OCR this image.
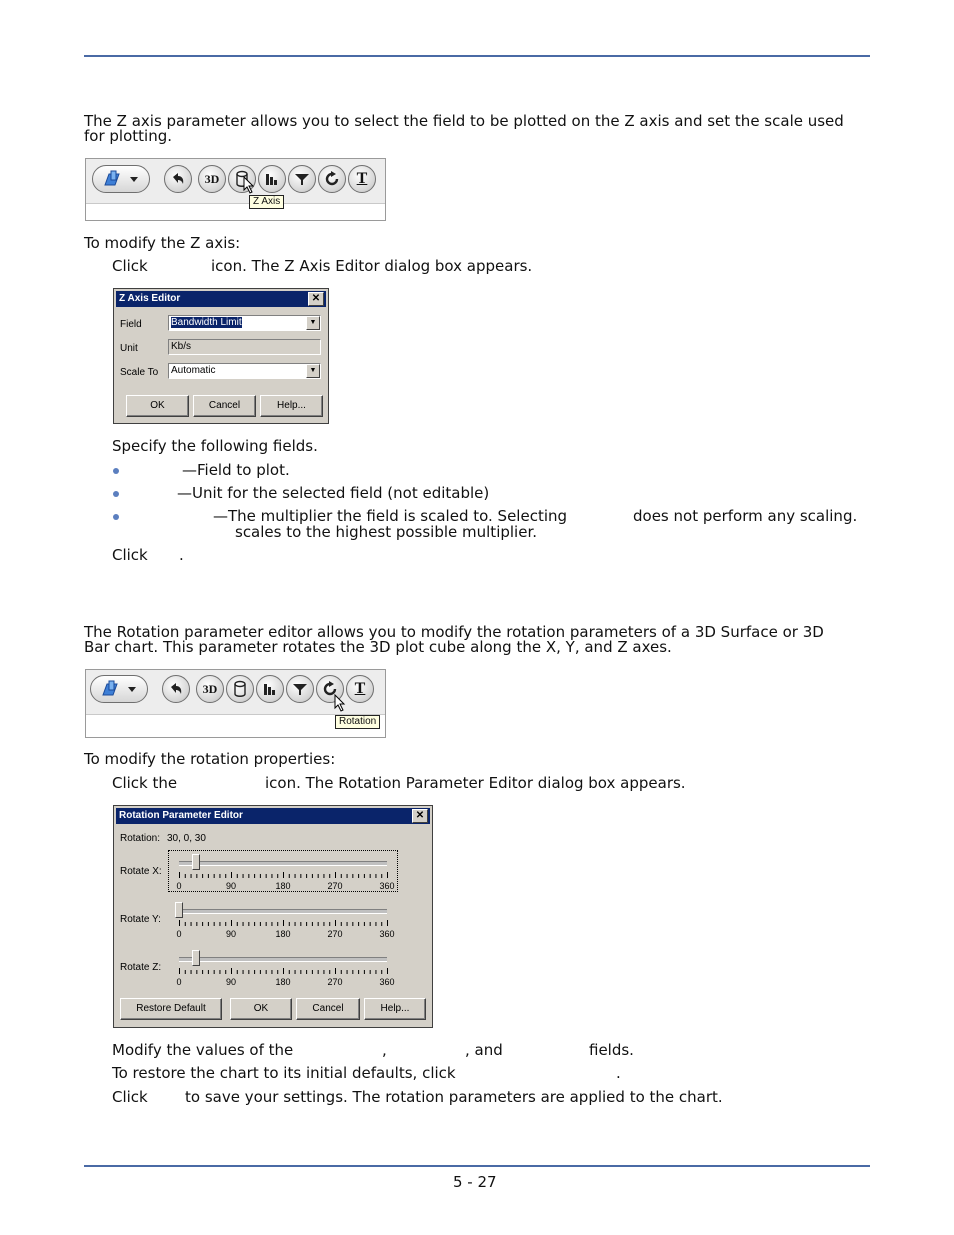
The Z axis parameter allows you to select the field to be plotted on the Z axis and set the scale used
for plotting.
3D	T
Z Axis
To modify the Z axis:
Click	icon. The Z Axis Editor dialog box appears.
Z Axis Editor	✕
Field	Bandwidth Limit	▼
Unit	Kb/s
Scale To	Automatic	▼
OK	Cancel	Help...
Specify the following fields.
—Field to plot.
—Unit for the selected field (not editable)
—The multiplier the field is scaled to. Selecting	does not perform any scaling.
scales to the highest possible multiplier.
Click .
The Rotation parameter editor allows you to modify the rotation parameters of a 3D Surface or 3D
Bar chart. This parameter rotates the 3D plot cube along the X, Y, and Z axes.
3D	T
Rotation
To modify the rotation properties:
Click the	icon. The Rotation Parameter Editor dialog box appears.
Rotation Parameter Editor	✕
Rotation: 30, 0, 30
Rotate X:
0	90	180	270	360
Rotate Y:
0	90	180	270	360
Rotate Z:
0	90	180	270	360
Restore Default	OK	Cancel	Help...
Modify the values of the	,	, and	fields.
To restore the chart to its initial defaults, click	.
Click to save your settings. The rotation parameters are applied to the chart.
5 - 27
